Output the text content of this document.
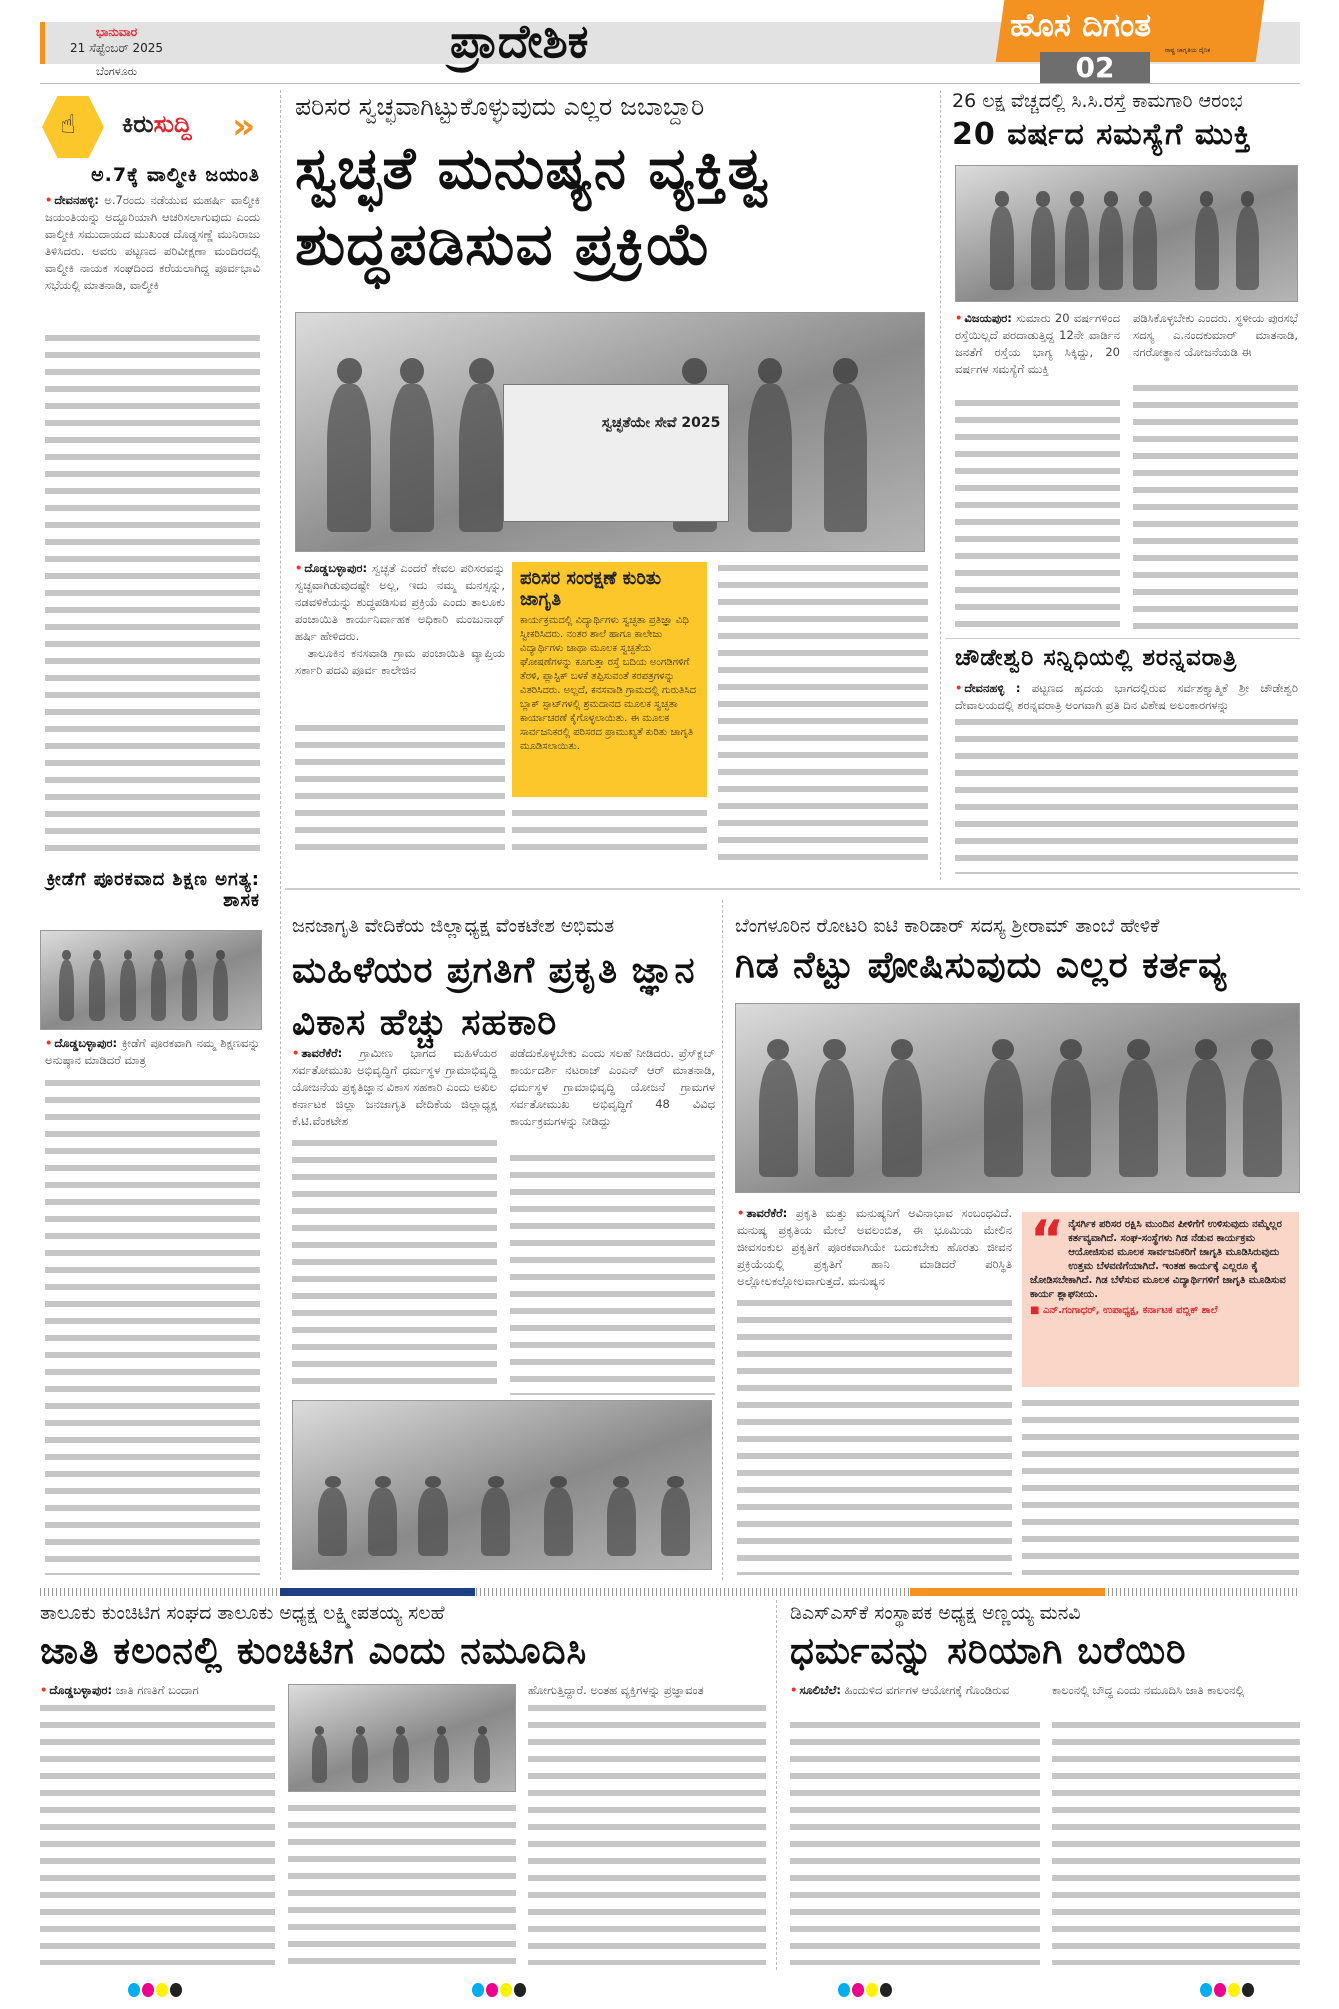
ಭಾನುವಾರ
21 ಸೆಪ್ಟೆಂಬರ್ 2025
ಬೆಂಗಳೂರು
ಪ್ರಾದೇಶಿಕ	ಹೊಸ ದಿಗಂತ
ರಾಷ್ಟ್ರ ಜಾಗೃತಿಯ ದೈನಿಕ
02
☝ ಕಿರುಸುದ್ದಿ »
ಅ.7ಕ್ಕೆ ವಾಲ್ಮೀಕಿ ಜಯಂತಿ
• ದೇವನಹಳ್ಳಿ: ಅ.7ರಂದು ನಡೆಯುವ ಮಹರ್ಷಿ ವಾಲ್ಮೀಕಿ ಜಯಂತಿಯನ್ನು ಅದ್ದೂರಿಯಾಗಿ ಆಚರಿಸಲಾಗುವುದು ಎಂದು ವಾಲ್ಮೀಕಿ ಸಮುದಾಯದ ಮುಖಂಡ ದೊಡ್ಡಸಣ್ಣೆ ಮುನಿರಾಜು ತಿಳಿಸಿದರು. ಅವರು ಪಟ್ಟಣದ ಪರಿವೀಕ್ಷಣಾ ಮಂದಿರದಲ್ಲಿ ವಾಲ್ಮೀಕಿ ನಾಯಕ ಸಂಘದಿಂದ ಕರೆಯಲಾಗಿದ್ದ ಪೂರ್ವಭಾವಿ ಸಭೆಯಲ್ಲಿ ಮಾತನಾಡಿ, ವಾಲ್ಮೀಕಿ
ಕ್ರೀಡೆಗೆ ಪೂರಕವಾದ ಶಿಕ್ಷಣ ಅಗತ್ಯ: ಶಾಸಕ
• ದೊಡ್ಡಬಳ್ಳಾಪುರ: ಕ್ರೀಡೆಗೆ ಪೂರಕವಾಗಿ ನಮ್ಮ ಶಿಕ್ಷಣವನ್ನು ಅನುಷ್ಠಾನ ಮಾಡಿದರೆ ಮಾತ್ರ
ಪರಿಸರ ಸ್ವಚ್ಛವಾಗಿಟ್ಟುಕೊಳ್ಳುವುದು ಎಲ್ಲರ ಜಬಾಬ್ದಾರಿ
ಸ್ವಚ್ಛತೆ ಮನುಷ್ಯನ ವ್ಯಕ್ತಿತ್ವ ಶುದ್ಧಪಡಿಸುವ ಪ್ರಕ್ರಿಯೆ
ಸ್ವಚ್ಛತೆಯೇ ಸೇವೆ 2025
• ದೊಡ್ಡಬಳ್ಳಾಪುರ: ಸ್ವಚ್ಛತೆ ಎಂದರೆ ಕೇವಲ ಪರಿಸರವನ್ನು ಸ್ವಚ್ಛವಾಗಿಡುವುದಷ್ಟೇ ಅಲ್ಲ, ಇದು ನಮ್ಮ ಮನಸ್ಸನ್ನು, ನಡವಳಿಕೆಯನ್ನು ಶುದ್ಧಪಡಿಸುವ ಪ್ರಕ್ರಿಯೆ ಎಂದು ತಾಲೂಕು ಪಂಚಾಯಿತಿ ಕಾರ್ಯನಿರ್ವಾಹಕ ಅಧಿಕಾರಿ ಮಂಜುನಾಥ್ ಹರ್ಷಿ ಹೇಳಿದರು.
ತಾಲೂಕಿನ ಕನಸವಾಡಿ ಗ್ರಾಮ ಪಂಚಾಯಿತಿ ವ್ಯಾಪ್ತಿಯ ಸರ್ಕಾರಿ ಪದವಿ ಪೂರ್ವ ಕಾಲೇಜಿನ
ಪರಿಸರ ಸಂರಕ್ಷಣೆ ಕುರಿತು ಜಾಗೃತಿ
ಕಾರ್ಯಕ್ರಮದಲ್ಲಿ ವಿದ್ಯಾರ್ಥಿಗಳು ಸ್ವಚ್ಛತಾ ಪ್ರತಿಜ್ಞಾ ವಿಧಿ ಸ್ವೀಕರಿಸಿದರು. ನಂತರ ಶಾಲೆ ಹಾಗೂ ಕಾಲೇಜು ವಿದ್ಯಾರ್ಥಿಗಳು ಜಾಥಾ ಮೂಲಕ ಸ್ವಚ್ಛತೆಯ ಘೋಷಣೆಗಳನ್ನು ಕೂಗುತ್ತಾ ರಸ್ತೆ ಬದಿಯ ಅಂಗಡಿಗಳಿಗೆ ತೆರಳಿ, ಪ್ಲಾಸ್ಟಿಕ್ ಬಳಕೆ ತಪ್ಪಿಸುವಂತೆ ಕರಪತ್ರಗಳನ್ನು ವಿತರಿಸಿದರು. ಅಲ್ಲದೆ, ಕನಸವಾಡಿ ಗ್ರಾಮದಲ್ಲಿ ಗುರುತಿಸಿದ ಬ್ಲಾಕ್ ಸ್ಪಾಟ್‌ಗಳಲ್ಲಿ ಶ್ರಮದಾನದ ಮೂಲಕ ಸ್ವಚ್ಛತಾ ಕಾರ್ಯಾಚರಣೆ ಕೈಗೊಳ್ಳಲಾಯಿತು. ಈ ಮೂಲಕ ಸಾರ್ವಜನಿಕರಲ್ಲಿ ಪರಿಸರದ ಪ್ರಾಮುಖ್ಯತೆ ಕುರಿತು ಜಾಗೃತಿ ಮೂಡಿಸಲಾಯಿತು.
26 ಲಕ್ಷ ವೆಚ್ಚದಲ್ಲಿ ಸಿ.ಸಿ.ರಸ್ತೆ ಕಾಮಗಾರಿ ಆರಂಭ
20 ವರ್ಷದ ಸಮಸ್ಯೆಗೆ ಮುಕ್ತಿ
• ವಿಜಯಪುರ: ಸುಮಾರು 20 ವರ್ಷಗಳಿಂದ ರಸ್ತೆಯಿಲ್ಲದೆ ಪರದಾಡುತ್ತಿದ್ದ 12ನೇ ವಾರ್ಡಿನ ಜನತೆಗೆ ರಸ್ತೆಯ ಭಾಗ್ಯ ಸಿಕ್ಕಿದ್ದು, 20 ವರ್ಷಗಳ ಸಮಸ್ಯೆಗೆ ಮುಕ್ತಿ
ಪಡಿಸಿಕೊಳ್ಳಬೇಕು ಎಂದರು. ಸ್ಥಳೀಯ ಪುರಸಭೆ ಸದಸ್ಯ ಎ.ನಂದಕುಮಾರ್ ಮಾತನಾಡಿ, ನಗರೋತ್ಥಾನ ಯೋಜನೆಯಡಿ ಈ
ಚೌಡೇಶ್ವರಿ ಸನ್ನಿಧಿಯಲ್ಲಿ ಶರನ್ನವರಾತ್ರಿ
• ದೇವನಹಳ್ಳಿ : ಪಟ್ಟಣದ ಹೃದಯ ಭಾಗದಲ್ಲಿರುವ ಸರ್ವಶಕ್ತ್ಯಾತ್ಮಿಕೆ ಶ್ರೀ ಚೌಡೇಶ್ವರಿ ದೇವಾಲಯದಲ್ಲಿ ಶರನ್ನವರಾತ್ರಿ ಅಂಗವಾಗಿ ಪ್ರತಿ ದಿನ ವಿಶೇಷ ಅಲಂಕಾರಗಳನ್ನು
ಜನಜಾಗೃತಿ ವೇದಿಕೆಯ ಜಿಲ್ಲಾಧ್ಯಕ್ಷ ವೆಂಕಟೇಶ ಅಭಿಮತ
ಮಹಿಳೆಯರ ಪ್ರಗತಿಗೆ ಪ್ರಕೃತಿ ಜ್ಞಾನ ವಿಕಾಸ ಹೆಚ್ಚು ಸಹಕಾರಿ
• ತಾವರೆಕೆರೆ: ಗ್ರಾಮೀಣ ಭಾಗದ ಮಹಿಳೆಯರ ಸರ್ವತೋಮುಖ ಅಭಿವೃದ್ಧಿಗೆ ಧರ್ಮಸ್ಥಳ ಗ್ರಾಮಾಭಿವೃದ್ಧಿ ಯೋಜನೆಯ ಪ್ರಕೃತಿಜ್ಞಾನ ವಿಕಾಸ ಸಹಕಾರಿ ಎಂದು ಅಖಿಲ ಕರ್ನಾಟಕ ಜಿಲ್ಲಾ ಜನಜಾಗೃತಿ ವೇದಿಕೆಯ ಜಿಲ್ಲಾಧ್ಯಕ್ಷ ಕೆ.ಟಿ.ವೆಂಕಟೇಶ
ಪಡೆದುಕೊಳ್ಳಬೇಕು ಎಂದು ಸಲಹೆ ನೀಡಿದರು. ಪ್ರೆಸ್‌ಕ್ಲಬ್ ಕಾರ್ಯದರ್ಶಿ ನಟರಾಜ್ ಎಂಎನ್ ಆರ್ ಮಾತನಾಡಿ, ಧರ್ಮಸ್ಥಳ ಗ್ರಾಮಾಭಿವೃದ್ಧಿ ಯೋಜನೆ ಗ್ರಾಮಗಳ ಸರ್ವತೋಮುಖ ಅಭಿವೃದ್ಧಿಗೆ 48 ವಿವಿಧ ಕಾರ್ಯಕ್ರಮಗಳನ್ನು ನೀಡಿದ್ದು
ಬೆಂಗಳೂರಿನ ರೋಟರಿ ಐಟಿ ಕಾರಿಡಾರ್ ಸದಸ್ಯ ಶ್ರೀರಾಮ್ ತಾಂಬೆ ಹೇಳಿಕೆ
ಗಿಡ ನೆಟ್ಟು ಪೋಷಿಸುವುದು ಎಲ್ಲರ ಕರ್ತವ್ಯ
• ತಾವರೆಕೆರೆ: ಪ್ರಕೃತಿ ಮತ್ತು ಮನುಷ್ಯನಿಗೆ ಅವಿನಾಭಾವ ಸಂಬಂಧವಿದೆ. ಮನುಷ್ಯ ಪ್ರಕೃತಿಯ ಮೇಲೆ ಅವಲಂಬಿತ, ಈ ಭೂಮಿಯ ಮೇಲಿನ ಜೀವಸಂಕುಲ ಪ್ರಕೃತಿಗೆ ಪೂರಕವಾಗಿಯೇ ಬದುಕಬೇಕು ಹೊರತು ಜೀವನ ಪ್ರಕ್ರಿಯೆಯಲ್ಲಿ ಪ್ರಕೃತಿಗೆ ಹಾನಿ ಮಾಡಿದರೆ ಪರಿಸ್ಥಿತಿ ಅಲ್ಲೋಲಕಲ್ಲೋಲವಾಗುತ್ತದೆ. ಮನುಷ್ಯನ
“ ನೈಸರ್ಗಿಕ ಪರಿಸರ ರಕ್ಷಿಸಿ ಮುಂದಿನ ಪೀಳಿಗೆಗೆ ಉಳಿಸುವುದು ನಮ್ಮೆಲ್ಲರ ಕರ್ತವ್ಯವಾಗಿದೆ. ಸಂಘ-ಸಂಸ್ಥೆಗಳು ಗಿಡ ನೆಡುವ ಕಾರ್ಯಕ್ರಮ ಆಯೋಜಿಸುವ ಮೂಲಕ ಸಾರ್ವಜನಿಕರಿಗೆ ಜಾಗೃತಿ ಮೂಡಿಸಿರುವುದು ಉತ್ತಮ ಬೆಳವಣಿಗೆಯಾಗಿದೆ. ಇಂತಹ ಕಾರ್ಯಕ್ಕೆ ಎಲ್ಲರೂ ಕೈ ಜೋಡಿಸಬೇಕಾಗಿದೆ. ಗಿಡ ಬೆಳೆಸುವ ಮೂಲಕ ವಿದ್ಯಾರ್ಥಿಗಳಿಗೆ ಜಾಗೃತಿ ಮೂಡಿಸುವ ಕಾರ್ಯ ಶ್ಲಾಘನೀಯ.
■ ಎನ್.ಗಂಗಾಧರ್, ಉಪಾಧ್ಯಕ್ಷ, ಕರ್ನಾಟಕ ಪಬ್ಲಿಕ್ ಶಾಲೆ
ತಾಲೂಕು ಕುಂಚಿಟಿಗ ಸಂಘದ ತಾಲೂಕು ಅಧ್ಯಕ್ಷ ಲಕ್ಷ್ಮೀಪತಯ್ಯ ಸಲಹೆ
ಜಾತಿ ಕಲಂನಲ್ಲಿ ಕುಂಚಿಟಿಗ ಎಂದು ನಮೂದಿಸಿ
• ದೊಡ್ಡಬಳ್ಳಾಪುರ: ಜಾತಿ ಗಣತಿಗೆ ಬಂದಾಗ	ಹೋಗುತ್ತಿದ್ದಾರೆ. ಅಂತಹ ವ್ಯಕ್ತಿಗಳನ್ನು ಪ್ರಜ್ಞಾವಂತ
ಡಿಎಸ್‌ಎಸ್‌ಕೆ ಸಂಸ್ಥಾಪಕ ಅಧ್ಯಕ್ಷ ಅಣ್ಣಯ್ಯ ಮನವಿ
ಧರ್ಮವನ್ನು ಸರಿಯಾಗಿ ಬರೆಯಿರಿ
• ಸೂಲಿಬೆಲೆ: ಹಿಂದುಳಿದ ವರ್ಗಗಳ ಆಯೋಗಕ್ಕೆ ಗೊಂಡಿರುವ	ಕಾಲಂನಲ್ಲಿ ಬೌದ್ಧ ಎಂದು ನಮೂದಿಸಿ ಜಾತಿ ಕಾಲಂನಲ್ಲಿ
